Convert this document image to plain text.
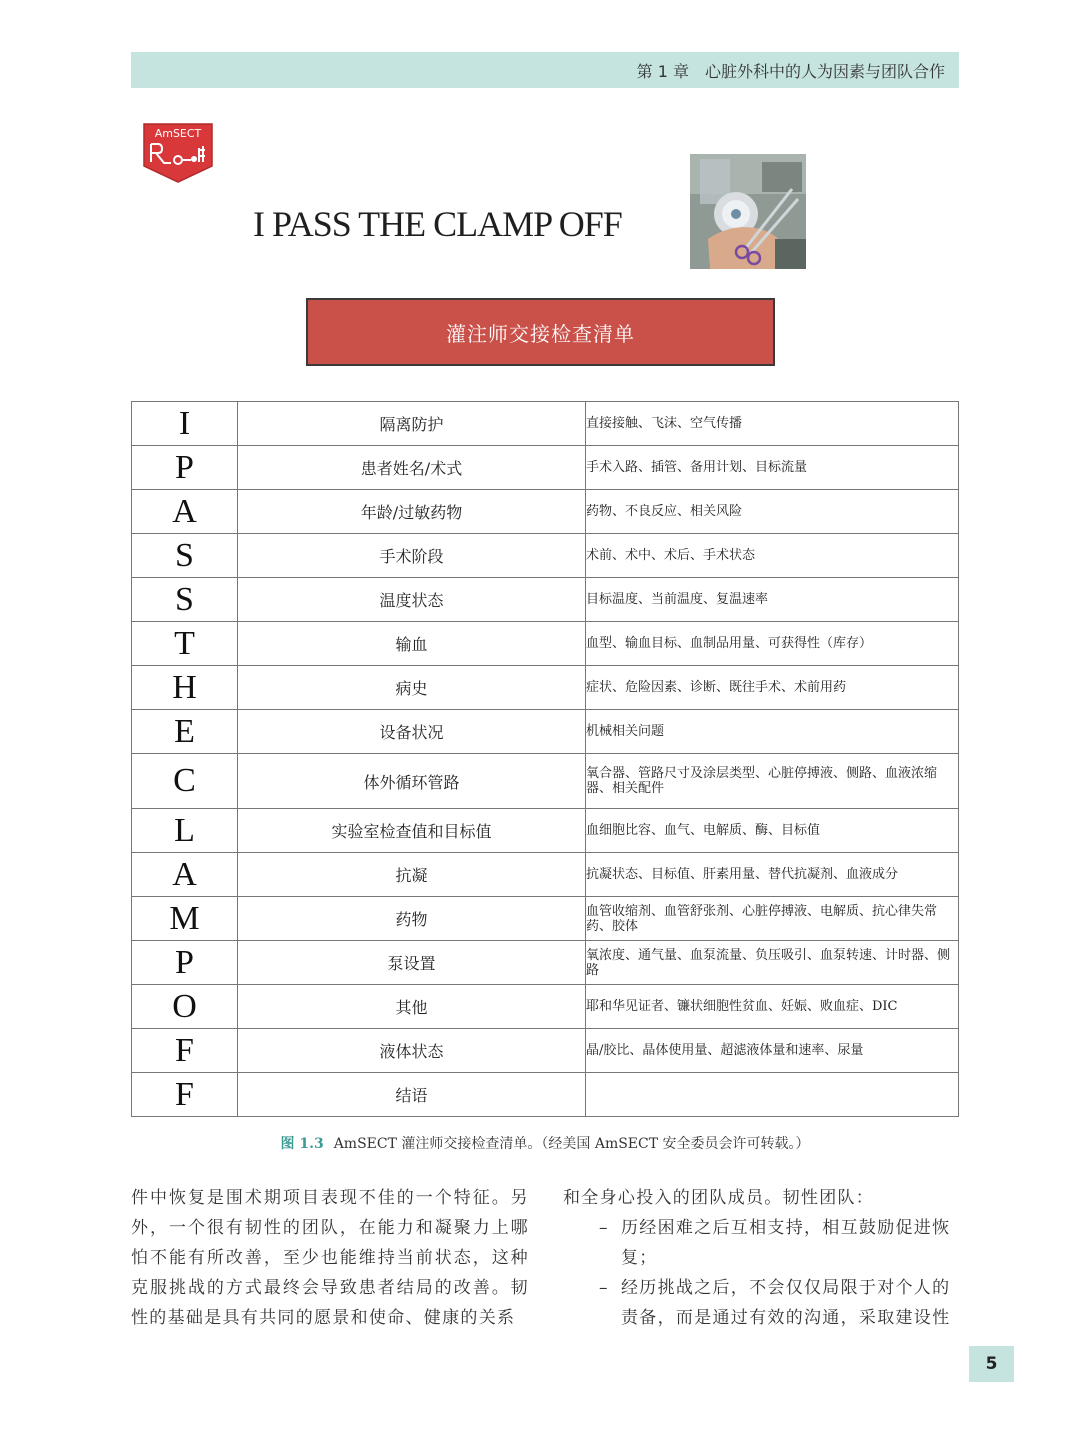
第 1 章　心脏外科中的人为因素与团队合作
AmSECT
I PASS THE CLAMP OFF
灌注师交接检查清单
I	隔离防护	直接接触、飞沫、空气传播
P	患者姓名/术式	手术入路、插管、备用计划、目标流量
A	年龄/过敏药物	药物、不良反应、相关风险
S	手术阶段	术前、术中、术后、手术状态
S	温度状态	目标温度、当前温度、复温速率
T	输血	血型、输血目标、血制品用量、可获得性（库存）
H	病史	症状、危险因素、诊断、既往手术、术前用药
E	设备状况	机械相关问题
C	体外循环管路	氧合器、管路尺寸及涂层类型、心脏停搏液、侧路、血液浓缩器、相关配件
L	实验室检查值和目标值	血细胞比容、血气、电解质、酶、目标值
A	抗凝	抗凝状态、目标值、肝素用量、替代抗凝剂、血液成分
M	药物	血管收缩剂、血管舒张剂、心脏停搏液、电解质、抗心律失常药、胶体
P	泵设置	氧浓度、通气量、血泵流量、负压吸引、血泵转速、计时器、侧路
O	其他	耶和华见证者、镰状细胞性贫血、妊娠、败血症、DIC
F	液体状态	晶/胶比、晶体使用量、超滤液体量和速率、尿量
F	结语	
图 1.3 AmSECT 灌注师交接检查清单。（经美国 AmSECT 安全委员会许可转载。）

件中恢复是围术期项目表现不佳的一个特征。另外，一个很有韧性的团队，在能力和凝聚力上哪怕不能有所改善，至少也能维持当前状态，这种克服挑战的方式最终会导致患者结局的改善。韧性的基础是具有共同的愿景和使命、健康的关系

和全身心投入的团队成员。韧性团队：

– 历经困难之后互相支持，相互鼓励促进恢复；
– 经历挑战之后，不会仅仅局限于对个人的责备，而是通过有效的沟通，采取建设性
5
